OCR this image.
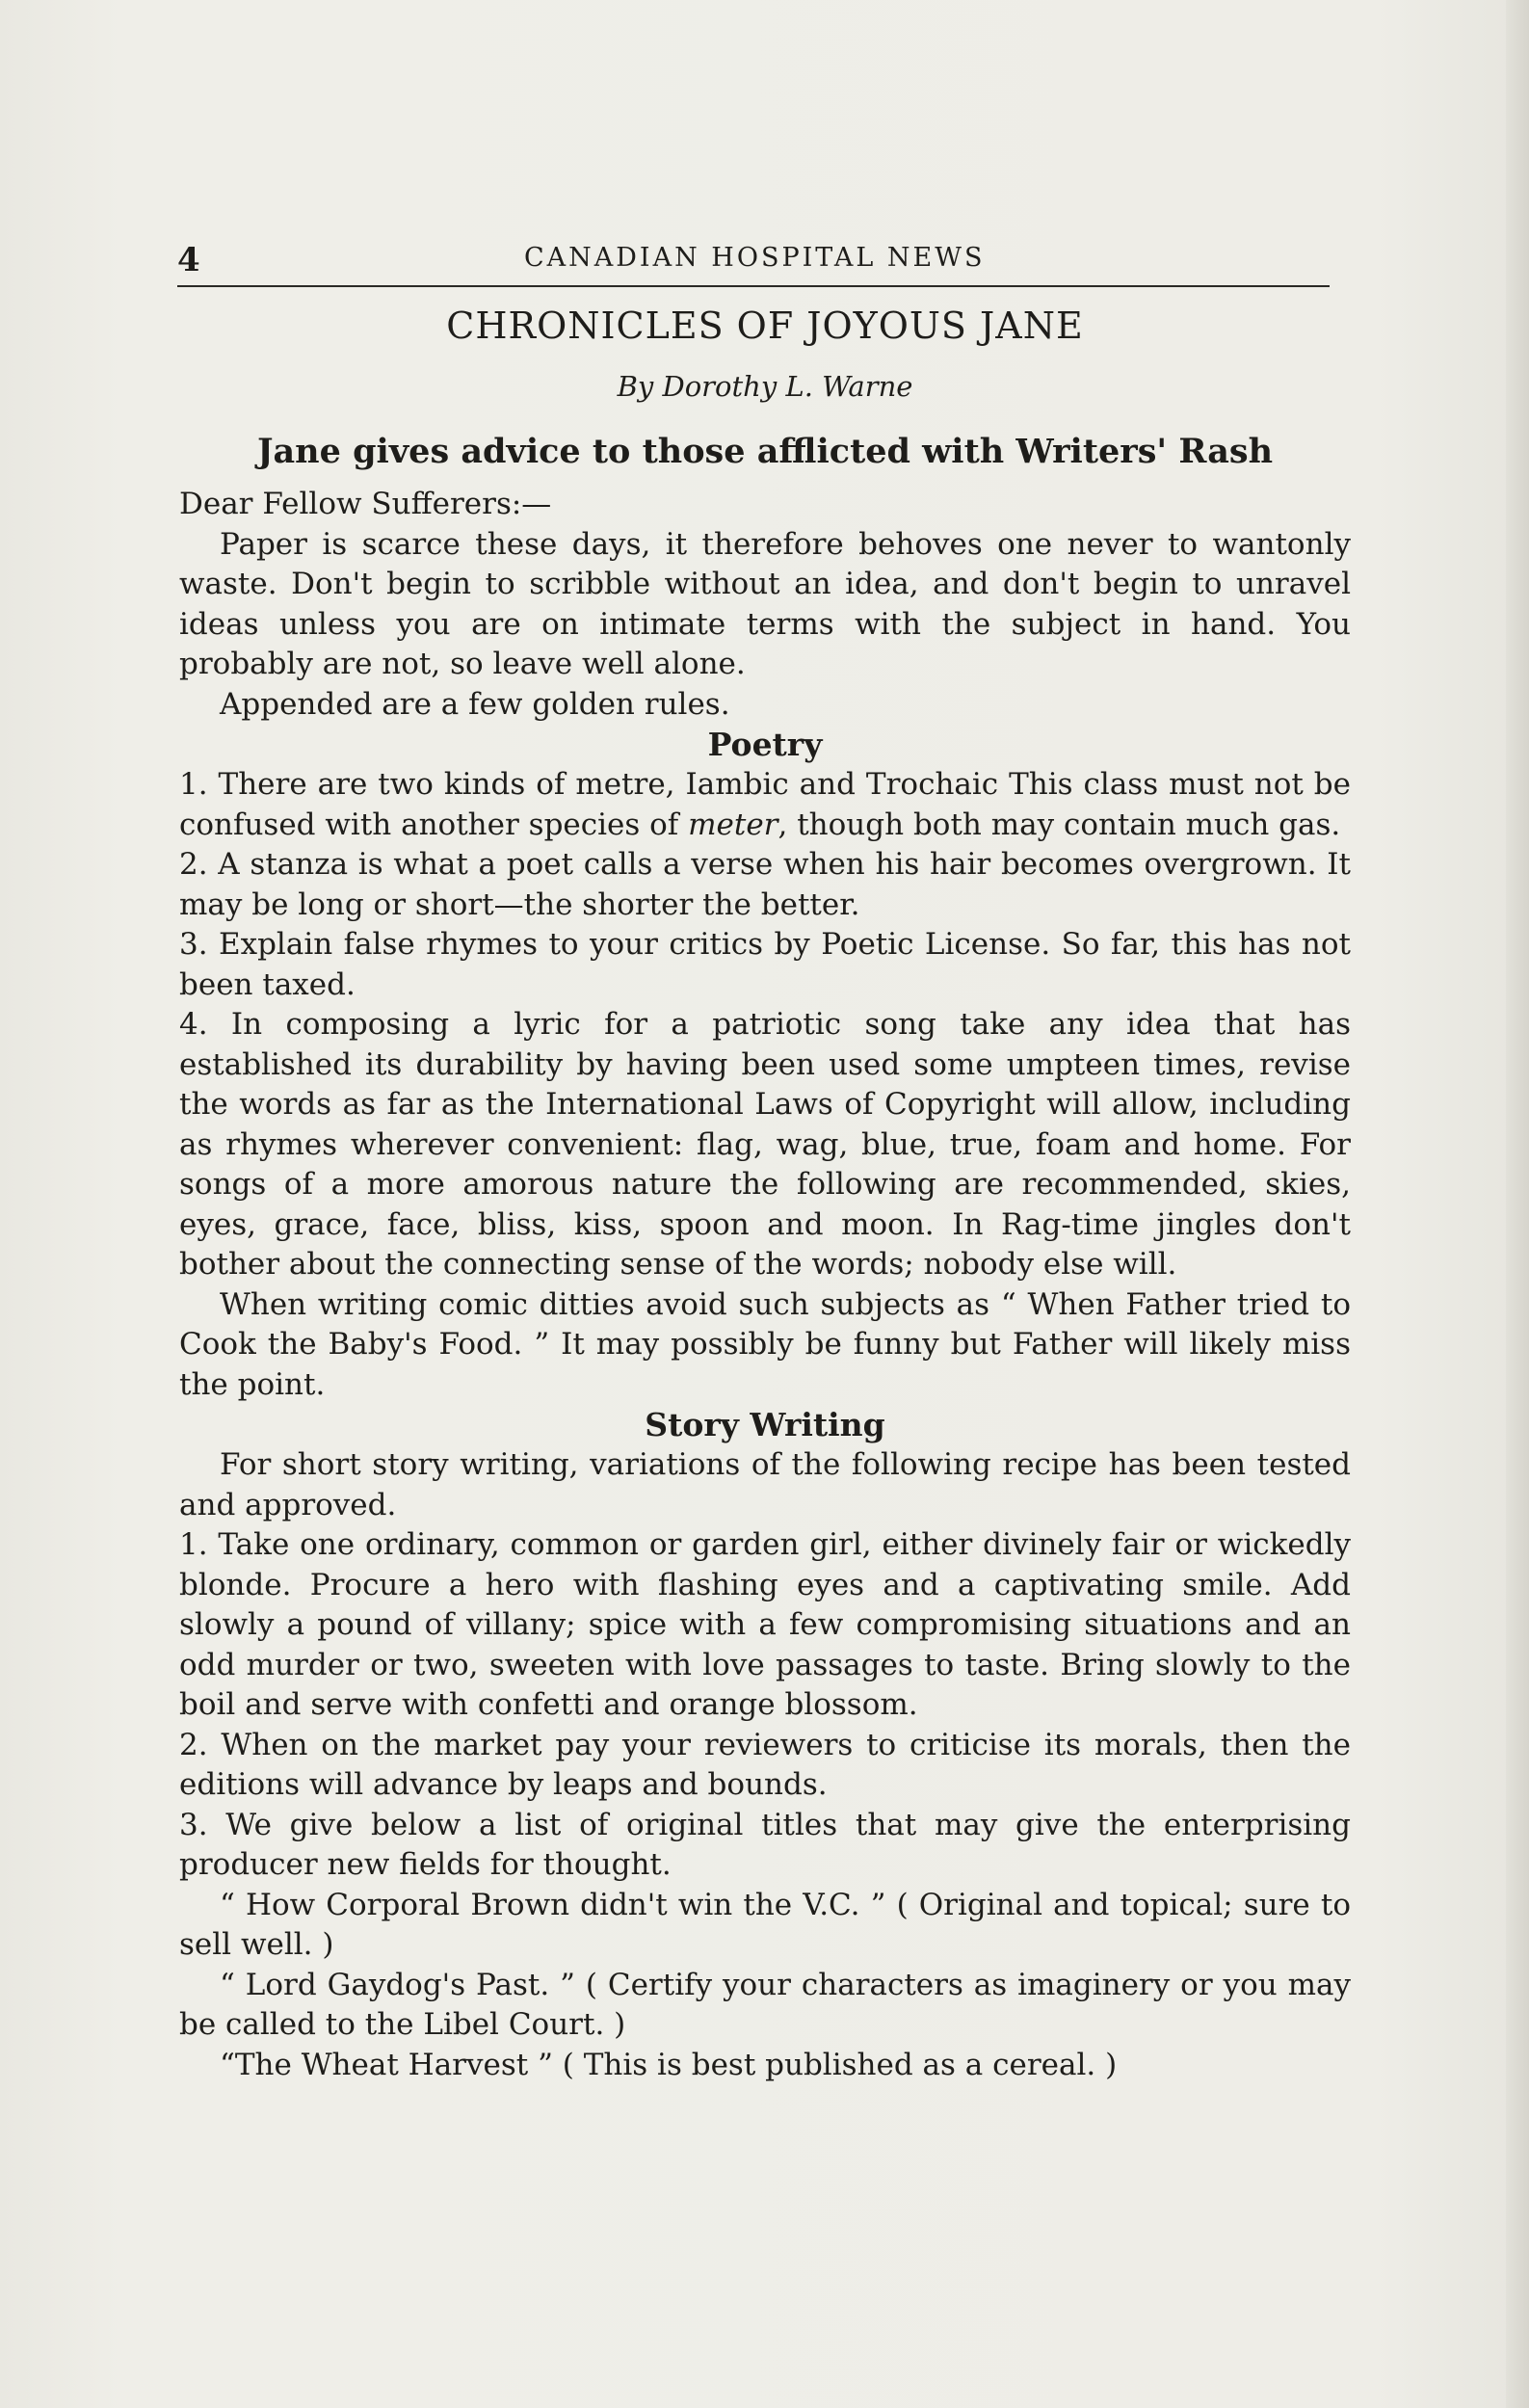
4	CANADIAN HOSPITAL NEWS
CHRONICLES OF JOYOUS JANE
By Dorothy L. Warne
Jane gives advice to those afflicted with Writers' Rash

Dear Fellow Sufferers:—

Paper is scarce these days, it therefore behoves one never to wantonly waste. Don't begin to scribble without an idea, and don't begin to unravel ideas unless you are on intimate terms with the subject in hand. You probably are not, so leave well alone.

Appended are a few golden rules.

Poetry

1. There are two kinds of metre, Iambic and Trochaic This class must not be confused with another species of meter, though both may contain much gas.

2. A stanza is what a poet calls a verse when his hair becomes overgrown. It may be long or short—the shorter the better.

3. Explain false rhymes to your critics by Poetic License. So far, this has not been taxed.

4. In composing a lyric for a patriotic song take any idea that has established its durability by having been used some umpteen times, revise the words as far as the International Laws of Copyright will allow, including as rhymes wherever convenient: flag, wag, blue, true, foam and home. For songs of a more amorous nature the following are recommended, skies, eyes, grace, face, bliss, kiss, spoon and moon. In Rag-time jingles don't bother about the connecting sense of the words; nobody else will.

When writing comic ditties avoid such subjects as “ When Father tried to Cook the Baby's Food. ” It may possibly be funny but Father will likely miss the point.

Story Writing

For short story writing, variations of the following recipe has been tested and approved.

1. Take one ordinary, common or garden girl, either divinely fair or wickedly blonde. Procure a hero with flashing eyes and a captivating smile. Add slowly a pound of villany; spice with a few compromising situations and an odd murder or two, sweeten with love passages to taste. Bring slowly to the boil and serve with confetti and orange blossom.

2. When on the market pay your reviewers to criticise its morals, then the editions will advance by leaps and bounds.

3. We give below a list of original titles that may give the enterprising producer new fields for thought.

“ How Corporal Brown didn't win the V.C. ” ( Original and topical; sure to sell well. )

“ Lord Gaydog's Past. ” ( Certify your characters as imaginery or you may be called to the Libel Court. )

“The Wheat Harvest ” ( This is best published as a cereal. )
